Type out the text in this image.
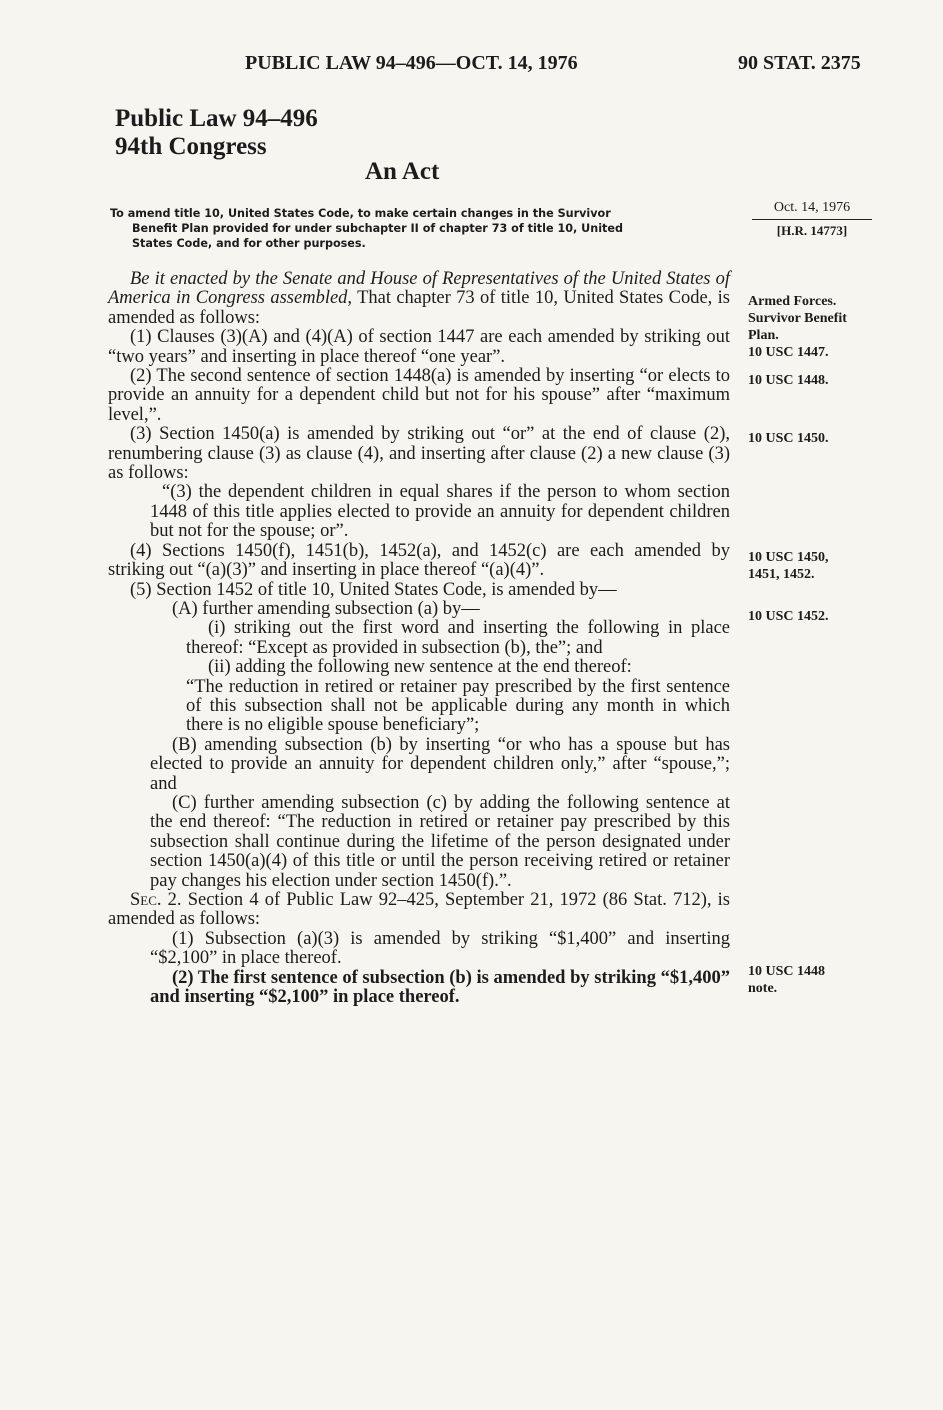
PUBLIC LAW 94–496—OCT. 14, 1976	90 STAT. 2375
Public Law 94–496
94th Congress
An Act
To amend title 10, United States Code, to make certain changes in the Survivor
Benefit Plan provided for under subchapter II of chapter 73 of title 10, United
States Code, and for other purposes.
Oct. 14, 1976
[H.R. 14773]

Be it enacted by the Senate and House of Representatives of the United States of America in Congress assembled, That chapter 73 of title 10, United States Code, is amended as follows:

(1) Clauses (3)(A) and (4)(A) of section 1447 are each amended by striking out “two years” and inserting in place thereof “one year”.

(2) The second sentence of section 1448(a) is amended by inserting “or elects to provide an annuity for a dependent child but not for his spouse” after “maximum level,”.

(3) Section 1450(a) is amended by striking out “or” at the end of clause (2), renumbering clause (3) as clause (4), and inserting after clause (2) a new clause (3) as follows:

“(3) the dependent children in equal shares if the person to whom section 1448 of this title applies elected to provide an annuity for dependent children but not for the spouse; or”.

(4) Sections 1450(f), 1451(b), 1452(a), and 1452(c) are each amended by striking out “(a)(3)” and inserting in place thereof “(a)(4)”.

(5) Section 1452 of title 10, United States Code, is amended by—

(A) further amending subsection (a) by—

(i) striking out the first word and inserting the following in place thereof: “Except as provided in subsection (b), the”; and

(ii) adding the following new sentence at the end thereof:

“The reduction in retired or retainer pay prescribed by the first sentence of this subsection shall not be applicable during any month in which there is no eligible spouse beneficiary”;

(B) amending subsection (b) by inserting “or who has a spouse but has elected to provide an annuity for dependent children only,” after “spouse,”; and

(C) further amending subsection (c) by adding the following sentence at the end thereof: “The reduction in retired or retainer pay prescribed by this subsection shall continue during the lifetime of the person designated under section 1450(a)(4) of this title or until the person receiving retired or retainer pay changes his election under section 1450(f).”.

Sec. 2. Section 4 of Public Law 92–425, September 21, 1972 (86 Stat. 712), is amended as follows:

(1) Subsection (a)(3) is amended by striking “$1,400” and inserting “$2,100” in place thereof.

(2) The first sentence of subsection (b) is amended by striking “$1,400” and inserting “$2,100” in place thereof.

Armed Forces.
Survivor Benefit
Plan.
10 USC 1447.
10 USC 1448.
10 USC 1450.
10 USC 1450,
1451, 1452.
10 USC 1452.
10 USC 1448
note.
